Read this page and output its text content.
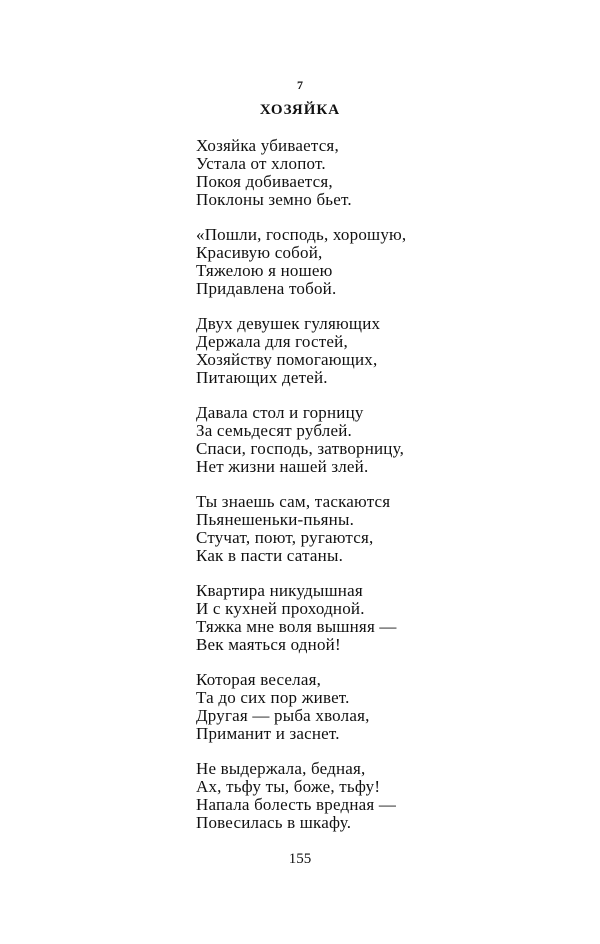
7
ХОЗЯЙКА
Хозяйка убивается,
Устала от хлопот.
Покоя добивается,
Поклоны земно бьет.
«Пошли, господь, хорошую,
Красивую собой,
Тяжелою я ношею
Придавлена тобой.
Двух девушек гуляющих
Держала для гостей,
Хозяйству помогающих,
Питающих детей.
Давала стол и горницу
За семьдесят рублей.
Спаси, господь, затворницу,
Нет жизни нашей злей.
Ты знаешь сам, таскаются
Пьянешеньки-пьяны.
Стучат, поют, ругаются,
Как в пасти сатаны.
Квартира никудышная
И с кухней проходной.
Тяжка мне воля вышняя —
Век маяться одной!
Которая веселая,
Та до сих пор живет.
Другая — рыба хволая,
Приманит и заснет.
Не выдержала, бедная,
Ах, тьфу ты, боже, тьфу!
Напала болесть вредная —
Повесилась в шкафу.
155
